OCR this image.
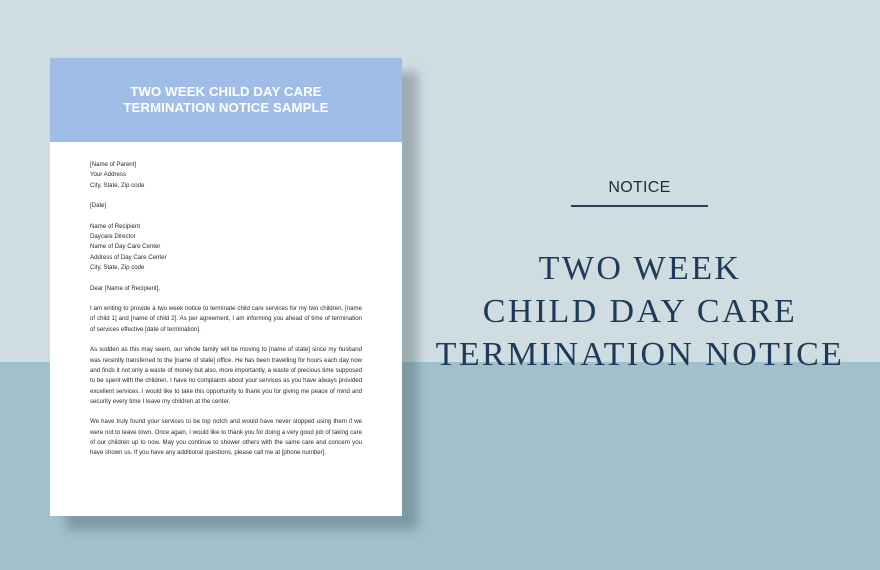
TWO WEEK CHILD DAY CARE
TERMINATION NOTICE SAMPLE
[Name of Parent]
Your Address
City, State, Zip code
[Date]
Name of Recipient
Daycare Director
Name of Day Care Center
Address of Day Care Center
City, State, Zip code
Dear [Name of Recipient],

I am writing to provide a two week notice to terminate child care services for my two children, [name of child 1] and [name of child 2]. As per agreement, I am informing you ahead of time of termination of services effective [date of termination].

As sudden as this may seem, our whole family will be moving to [name of state] since my husband was recently transferred to the [name of state] office. He has been travelling for hours each day now and finds it not only a waste of money but also, more importantly, a waste of precious time supposed to be spent with the children. I have no complaints about your services as you have always provided excellent services. I would like to take this opportunity to thank you for giving me peace of mind and security every time I leave my children at the center.

We have truly found your services to be top notch and would have never stopped using them if we were not to leave town. Once again, I would like to thank you for doing a very good job of taking care of our children up to now. May you continue to shower others with the same care and concern you have shown us. If you have any additional questions, please call me at [phone number].

NOTICE
TWO WEEK
CHILD DAY CARE
TERMINATION NOTICE
